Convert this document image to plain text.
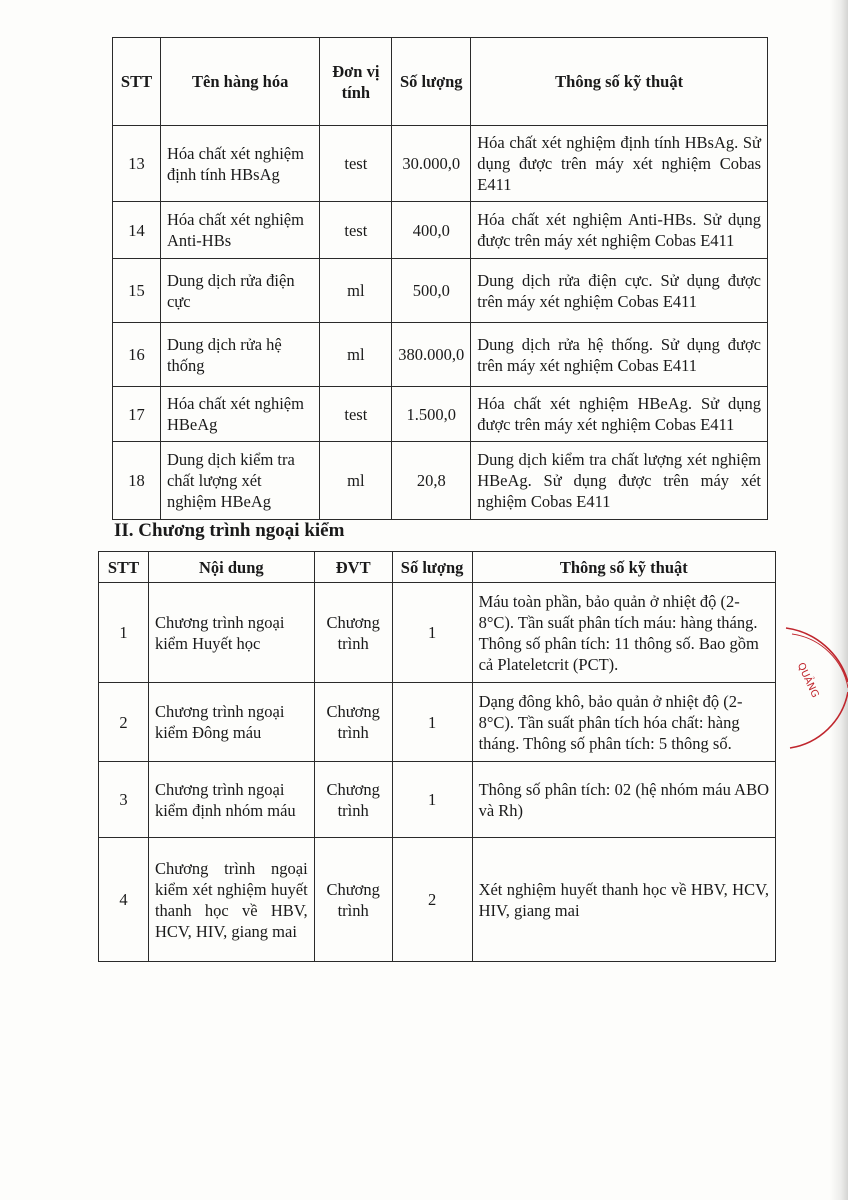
STT	Tên hàng hóa	Đơn vị tính	Số lượng	Thông số kỹ thuật
13	Hóa chất xét nghiệm định tính HBsAg	test	30.000,0	Hóa chất xét nghiệm định tính HBsAg. Sử dụng được trên máy xét nghiệm Cobas E411
14	Hóa chất xét nghiệm Anti-HBs	test	400,0	Hóa chất xét nghiệm Anti-HBs. Sử dụng được trên máy xét nghiệm Cobas E411
15	Dung dịch rửa điện cực	ml	500,0	Dung dịch rửa điện cực. Sử dụng được trên máy xét nghiệm Cobas E411
16	Dung dịch rửa hệ thống	ml	380.000,0	Dung dịch rửa hệ thống. Sử dụng được trên máy xét nghiệm Cobas E411
17	Hóa chất xét nghiệm HBeAg	test	1.500,0	Hóa chất xét nghiệm HBeAg. Sử dụng được trên máy xét nghiệm Cobas E411
18	Dung dịch kiểm tra chất lượng xét nghiệm HBeAg	ml	20,8	Dung dịch kiểm tra chất lượng xét nghiệm HBeAg. Sử dụng được trên máy xét nghiệm Cobas E411
II. Chương trình ngoại kiểm
STT	Nội dung	ĐVT	Số lượng	Thông số kỹ thuật
1	Chương trình ngoại kiểm Huyết học	Chương trình	1	Máu toàn phần, bảo quản ở nhiệt độ (2-8°C). Tần suất phân tích máu: hàng tháng. Thông số phân tích: 11 thông số. Bao gồm cả Plateletcrit (PCT).
2	Chương trình ngoại kiểm Đông máu	Chương trình	1	Dạng đông khô, bảo quản ở nhiệt độ (2-8°C). Tần suất phân tích hóa chất: hàng tháng. Thông số phân tích: 5 thông số.
3	Chương trình ngoại kiểm định nhóm máu	Chương trình	1	Thông số phân tích: 02 (hệ nhóm máu ABO và Rh)
4	Chương trình ngoại kiểm xét nghiệm huyết thanh học về HBV, HCV, HIV, giang mai	Chương trình	2	Xét nghiệm huyết thanh học về HBV, HCV, HIV, giang mai
QUẢNG
